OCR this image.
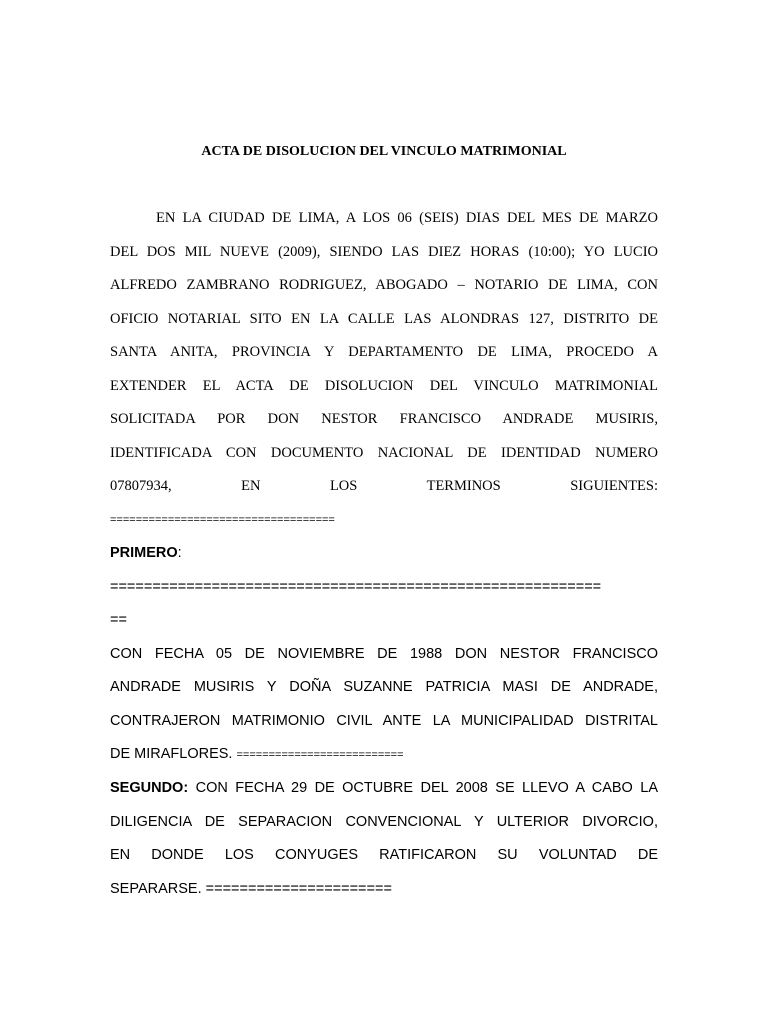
ACTA DE DISOLUCION DEL VINCULO MATRIMONIAL
EN LA CIUDAD DE LIMA, A LOS 06 (SEIS) DIAS DEL MES DE MARZO
DEL DOS MIL NUEVE (2009), SIENDO LAS DIEZ HORAS (10:00); YO LUCIO
ALFREDO ZAMBRANO RODRIGUEZ, ABOGADO – NOTARIO DE LIMA, CON
OFICIO NOTARIAL SITO EN LA CALLE LAS ALONDRAS 127, DISTRITO DE
SANTA ANITA, PROVINCIA Y DEPARTAMENTO DE LIMA, PROCEDO A
EXTENDER EL ACTA DE DISOLUCION DEL VINCULO MATRIMONIAL
SOLICITADA POR DON NESTOR FRANCISCO ANDRADE MUSIRIS,
IDENTIFICADA CON DOCUMENTO NACIONAL DE IDENTIDAD NUMERO
07807934, EN LOS TERMINOS SIGUIENTES:
===================================
PRIMERO:
==========================================================
==
CON FECHA 05 DE NOVIEMBRE DE 1988 DON NESTOR FRANCISCO
ANDRADE MUSIRIS Y DOÑA SUZANNE PATRICIA MASI DE ANDRADE,
CONTRAJERON MATRIMONIO CIVIL ANTE LA MUNICIPALIDAD DISTRITAL
DE MIRAFLORES. ==========================
SEGUNDO: CON FECHA 29 DE OCTUBRE DEL 2008 SE LLEVO A CABO LA
DILIGENCIA DE SEPARACION CONVENCIONAL Y ULTERIOR DIVORCIO,
EN DONDE LOS CONYUGES RATIFICARON SU VOLUNTAD DE
SEPARARSE. ======================
